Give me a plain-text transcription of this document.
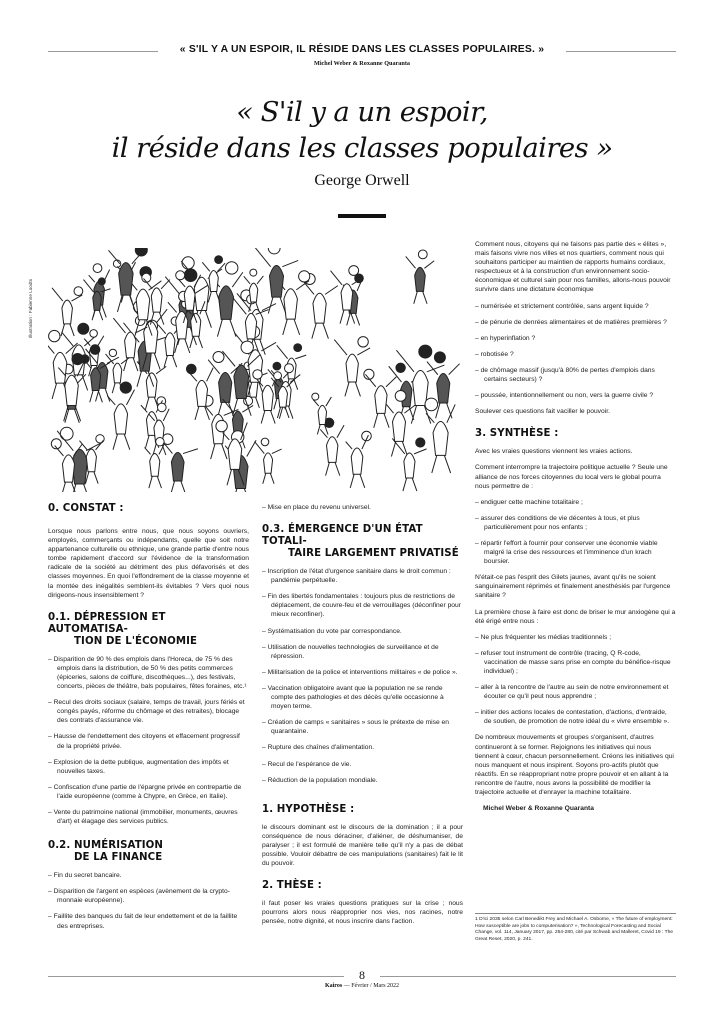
« S'IL Y A UN ESPOIR, IL RÉSIDE DANS LES CLASSES POPULAIRES. »
Michel Weber & Roxanne Quaranta
« S'il y a un espoir,
il réside dans les classes populaires »
George Orwell
Illustration : Fabienne Loodts
0. CONSTAT :
Lorsque nous parlons entre nous, que nous soyons ouvriers, employés, commerçants ou indépendants, quelle que soit notre appartenance culturelle ou ethnique, une grande partie d'entre nous tombe rapidement d'accord sur l'évidence de la transformation radicale de la société au détriment des plus défavorisés et des classes moyennes. En quoi l'effondrement de la classe moyenne et la montée des inégalités semblent-ils évitables ? Vers quoi nous dirigeons-nous insensiblement ?
0.1. DÉPRESSION ET AUTOMATISA-
TION DE L'ÉCONOMIE
– Disparition de 90 % des emplois dans l'Horeca, de 75 % des emplois dans la distribution, de 50 % des petits commerces (épiceries, salons de coiffure, discothèques...), des festivals, concerts, pièces de théâtre, bals populaires, fêtes foraines, etc.¹
– Recul des droits sociaux (salaire, temps de travail, jours fériés et congés payés, réforme du chômage et des retraites), blocage des contrats d'assurance vie.
– Hausse de l'endettement des citoyens et effacement progressif de la propriété privée.
– Explosion de la dette publique, augmentation des impôts et nouvelles taxes.
– Confiscation d'une partie de l'épargne privée en contrepartie de l'aide européenne (comme à Chypre, en Grèce, en Italie).
– Vente du patrimoine national (immobilier, monuments, œuvres d'art) et élagage des services publics.
0.2. NUMÉRISATION
DE LA FINANCE
– Fin du secret bancaire.
– Disparition de l'argent en espèces (avènement de la crypto-monnaie européenne).
– Faillite des banques du fait de leur endettement et de la faillite des entreprises.
– Mise en place du revenu universel.
0.3. ÉMERGENCE D'UN ÉTAT TOTALI-
TAIRE LARGEMENT PRIVATISÉ
– Inscription de l'état d'urgence sanitaire dans le droit commun : pandémie perpétuelle.
– Fin des libertés fondamentales : toujours plus de restrictions de déplacement, de couvre-feu et de verrouillages (déconfiner pour mieux reconfiner).
– Systématisation du vote par correspondance.
– Utilisation de nouvelles technologies de surveillance et de répression.
– Militarisation de la police et interventions militaires « de police ».
– Vaccination obligatoire avant que la population ne se rende compte des pathologies et des décès qu'elle occasionne à moyen terme.
– Création de camps « sanitaires » sous le prétexte de mise en quarantaine.
– Rupture des chaînes d'alimentation.
– Recul de l'espérance de vie.
– Réduction de la population mondiale.
1. HYPOTHÈSE :
le discours dominant est le discours de la domination ; il a pour conséquence de nous déraciner, d'aliéner, de déshumaniser, de paralyser ; il est formulé de manière telle qu'il n'y a pas de débat possible. Vouloir débattre de ces manipulations (sanitaires) fait le lit du pouvoir.
2. THÈSE :
il faut poser les vraies questions pratiques sur la crise ; nous pourrons alors nous réapproprier nos vies, nos racines, notre pensée, notre dignité, et nous inscrire dans l'action.
Comment nous, citoyens qui ne faisons pas partie des « élites », mais faisons vivre nos villes et nos quartiers, comment nous qui souhaitons participer au maintien de rapports humains cordiaux, respectueux et à la construction d'un environnement socio-économique et culturel sain pour nos familles, allons-nous pouvoir survivre dans une dictature économique
– numérisée et strictement contrôlée, sans argent liquide ?
– de pénurie de denrées alimentaires et de matières premières ?
– en hyperinflation ?
– robotisée ?
– de chômage massif (jusqu'à 80% de pertes d'emplois dans certains secteurs) ?
– poussée, intentionnellement ou non, vers la guerre civile ?
Soulever ces questions fait vaciller le pouvoir.
3. SYNTHÈSE :
Avec les vraies questions viennent les vraies actions.
Comment interrompre la trajectoire politique actuelle ? Seule une alliance de nos forces citoyennes du local vers le global pourra nous permettre de :
– endiguer cette machine totalitaire ;
– assurer des conditions de vie décentes à tous, et plus particulièrement pour nos enfants ;
– répartir l'effort à fournir pour conserver une économie viable malgré la crise des ressources et l'imminence d'un krach boursier.
N'était-ce pas l'esprit des Gilets jaunes, avant qu'ils ne soient sanguinairement réprimés et finalement anesthésiés par l'urgence sanitaire ?
La première chose à faire est donc de briser le mur anxiogène qui a été érigé entre nous :
– Ne plus fréquenter les médias traditionnels ;
– refuser tout instrument de contrôle (tracing, Q R-code, vaccination de masse sans prise en compte du bénéfice-risque individuel) ;
– aller à la rencontre de l'autre au sein de notre environnement et écouter ce qu'il peut nous apprendre ;
– initier des actions locales de contestation, d'actions, d'entraide, de soutien, de promotion de notre idéal du « vivre ensemble ».
De nombreux mouvements et groupes s'organisent, d'autres continueront à se former. Rejoignons les initiatives qui nous tiennent à cœur, chacun personnellement. Créons les initiatives qui nous manquent et nous inspirent. Soyons pro-actifs plutôt que réactifs. En se réappropriant notre propre pouvoir et en allant à la rencontre de l'autre, nous avons la possibilité de modifier la trajectoire actuelle et d'enrayer la machine totalitaire.
Michel Weber & Roxanne Quaranta
1 D'ici 2035 selon Carl Benedikt Frey and Michael A. Osborne, « The future of employment: How susceptible are jobs to computerisation? », Technological Forecasting and Social Change, vol. 114, January 2017, pp. 254-280, cité par Schwab and Malleret, Covid 19 : The Great Reset, 2020, p. 241.
8
Kairos — Février / Mars 2022
